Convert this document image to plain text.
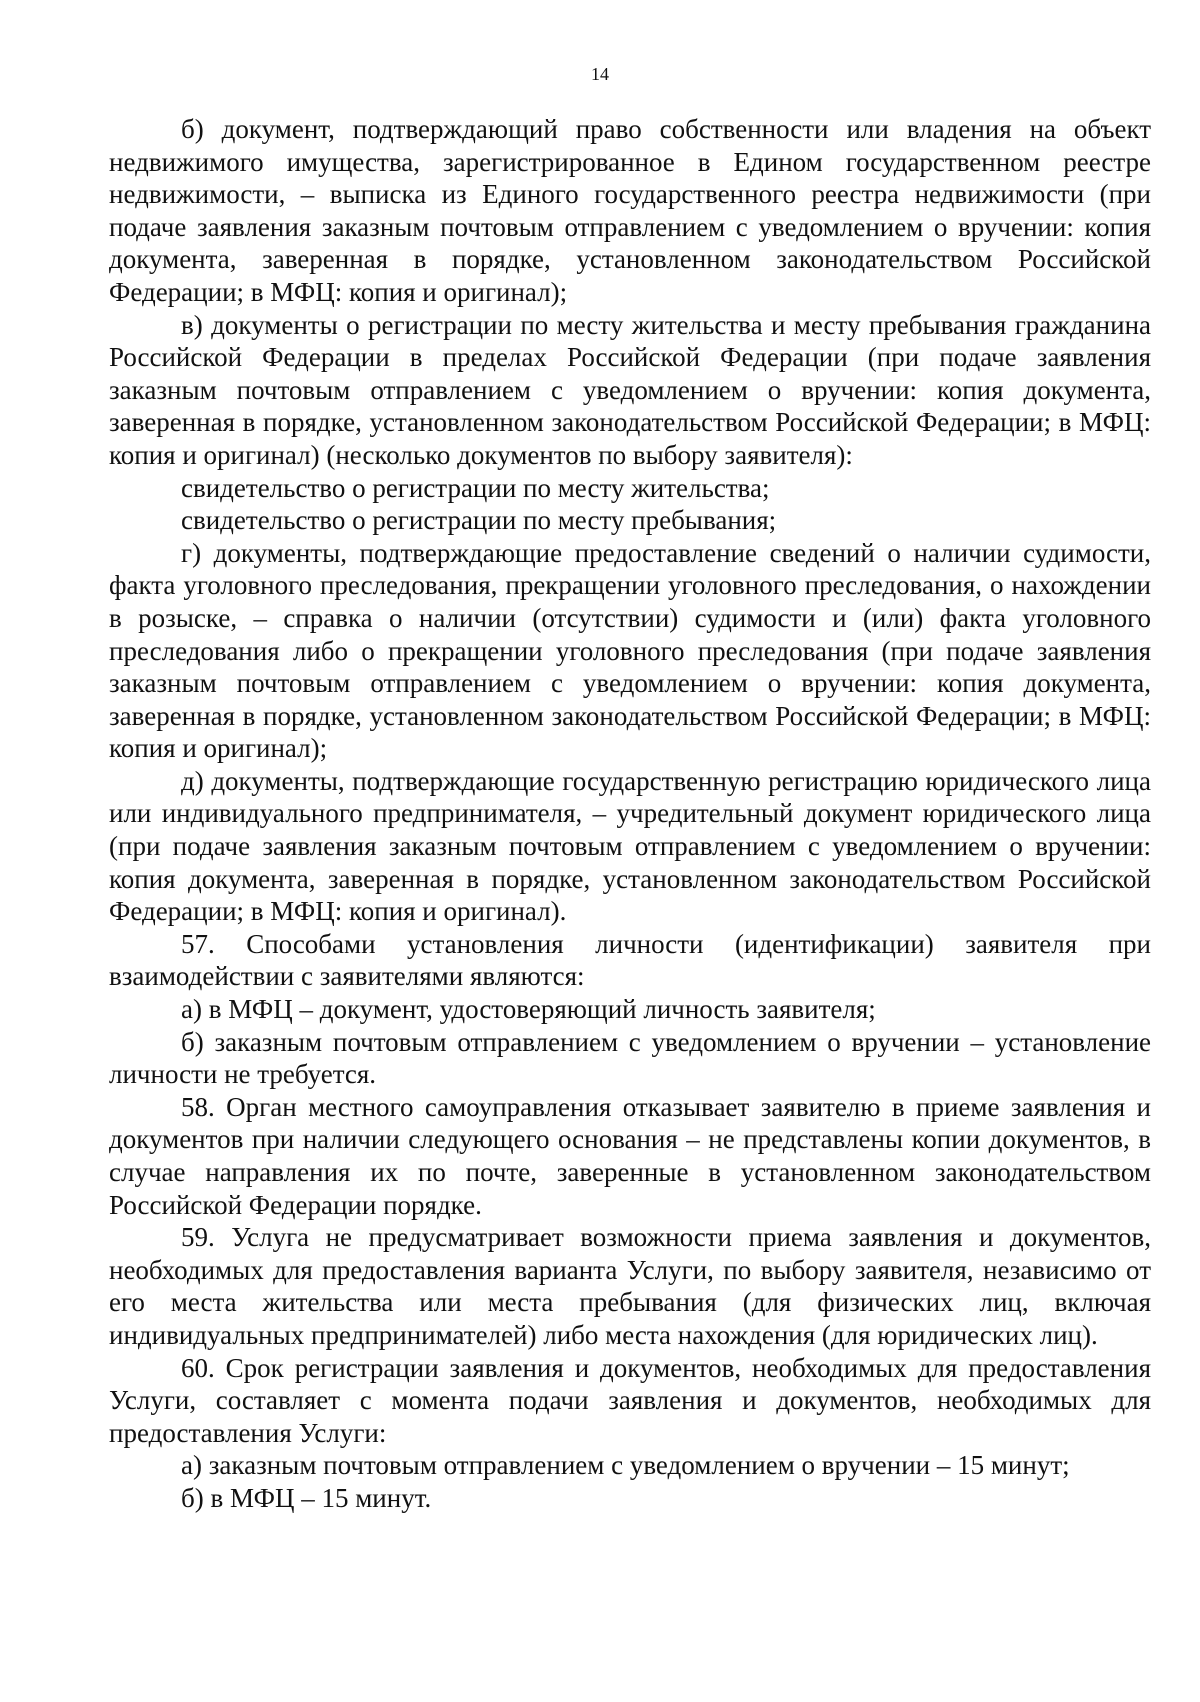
14

б) документ, подтверждающий право собственности или владения на объект недвижимого имущества, зарегистрированное в Едином государственном реестре недвижимости, – выписка из Единого государственного реестра недвижимости (при подаче заявления заказным почтовым отправлением с уведомлением о вручении: копия документа, заверенная в порядке, установленном законодательством Российской Федерации; в МФЦ: копия и оригинал);

в) документы о регистрации по месту жительства и месту пребывания гражданина Российской Федерации в пределах Российской Федерации (при подаче заявления заказным почтовым отправлением с уведомлением о вручении: копия документа, заверенная в порядке, установленном законодательством Российской Федерации; в МФЦ: копия и оригинал) (несколько документов по выбору заявителя):

свидетельство о регистрации по месту жительства;

свидетельство о регистрации по месту пребывания;

г) документы, подтверждающие предоставление сведений о наличии судимости, факта уголовного преследования, прекращении уголовного преследования, о нахождении в розыске, – справка о наличии (отсутствии) судимости и (или) факта уголовного преследования либо о прекращении уголовного преследования (при подаче заявления заказным почтовым отправлением с уведомлением о вручении: копия документа, заверенная в порядке, установленном законодательством Российской Федерации; в МФЦ: копия и оригинал);

д) документы, подтверждающие государственную регистрацию юридического лица или индивидуального предпринимателя, – учредительный документ юридического лица (при подаче заявления заказным почтовым отправлением с уведомлением о вручении: копия документа, заверенная в порядке, установленном законодательством Российской Федерации; в МФЦ: копия и оригинал).

57. Способами установления личности (идентификации) заявителя при взаимодействии с заявителями являются:

а) в МФЦ – документ, удостоверяющий личность заявителя;

б) заказным почтовым отправлением с уведомлением о вручении – установление личности не требуется.

58. Орган местного самоуправления отказывает заявителю в приеме заявления и документов при наличии следующего основания – не представлены копии документов, в случае направления их по почте, заверенные в установленном законодательством Российской Федерации порядке.

59. Услуга не предусматривает возможности приема заявления и документов, необходимых для предоставления варианта Услуги, по выбору заявителя, независимо от его места жительства или места пребывания (для физических лиц, включая индивидуальных предпринимателей) либо места нахождения (для юридических лиц).

60. Срок регистрации заявления и документов, необходимых для предоставления Услуги, составляет с момента подачи заявления и документов, необходимых для предоставления Услуги:

а) заказным почтовым отправлением с уведомлением о вручении – 15 минут;

б) в МФЦ – 15 минут.
